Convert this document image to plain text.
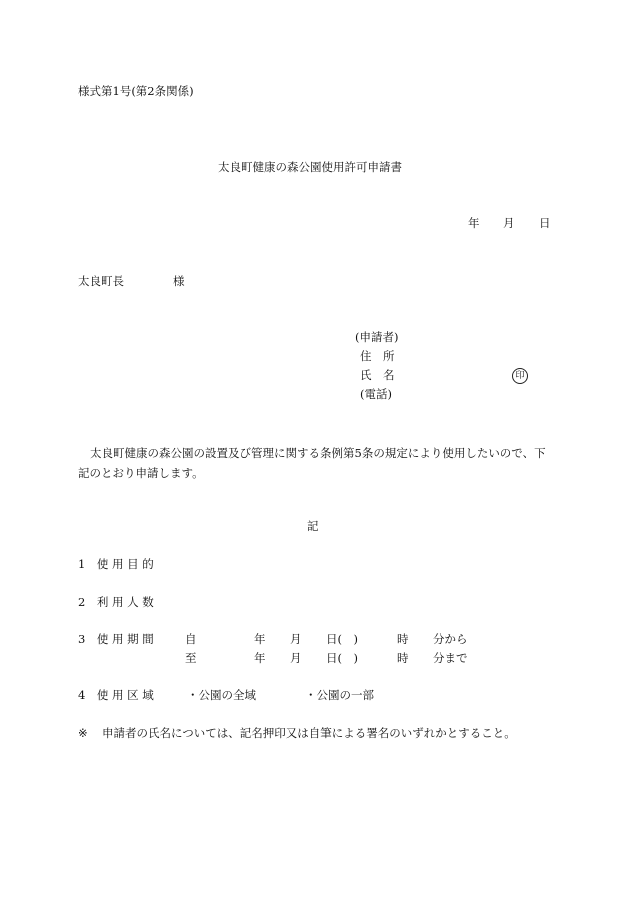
様式第1号(第2条関係)
太良町健康の森公園使用許可申請書
年 月 日
太良町長	様
(申請者)
住　所
氏　名	印
(電話)
太良町健康の森公園の設置及び管理に関する条例第5条の規定により使用したいので、下記のとおり申請します。
記
1　使 用 目 的
2　利 用 人 数
3　使 用 期 間	自	年 月 日(　)	時 分から
至	年 月 日(　)	時 分まで
4　使 用 区 域	・公園の全域	・公園の一部
※ 申請者の氏名については、記名押印又は自筆による署名のいずれかとすること。
